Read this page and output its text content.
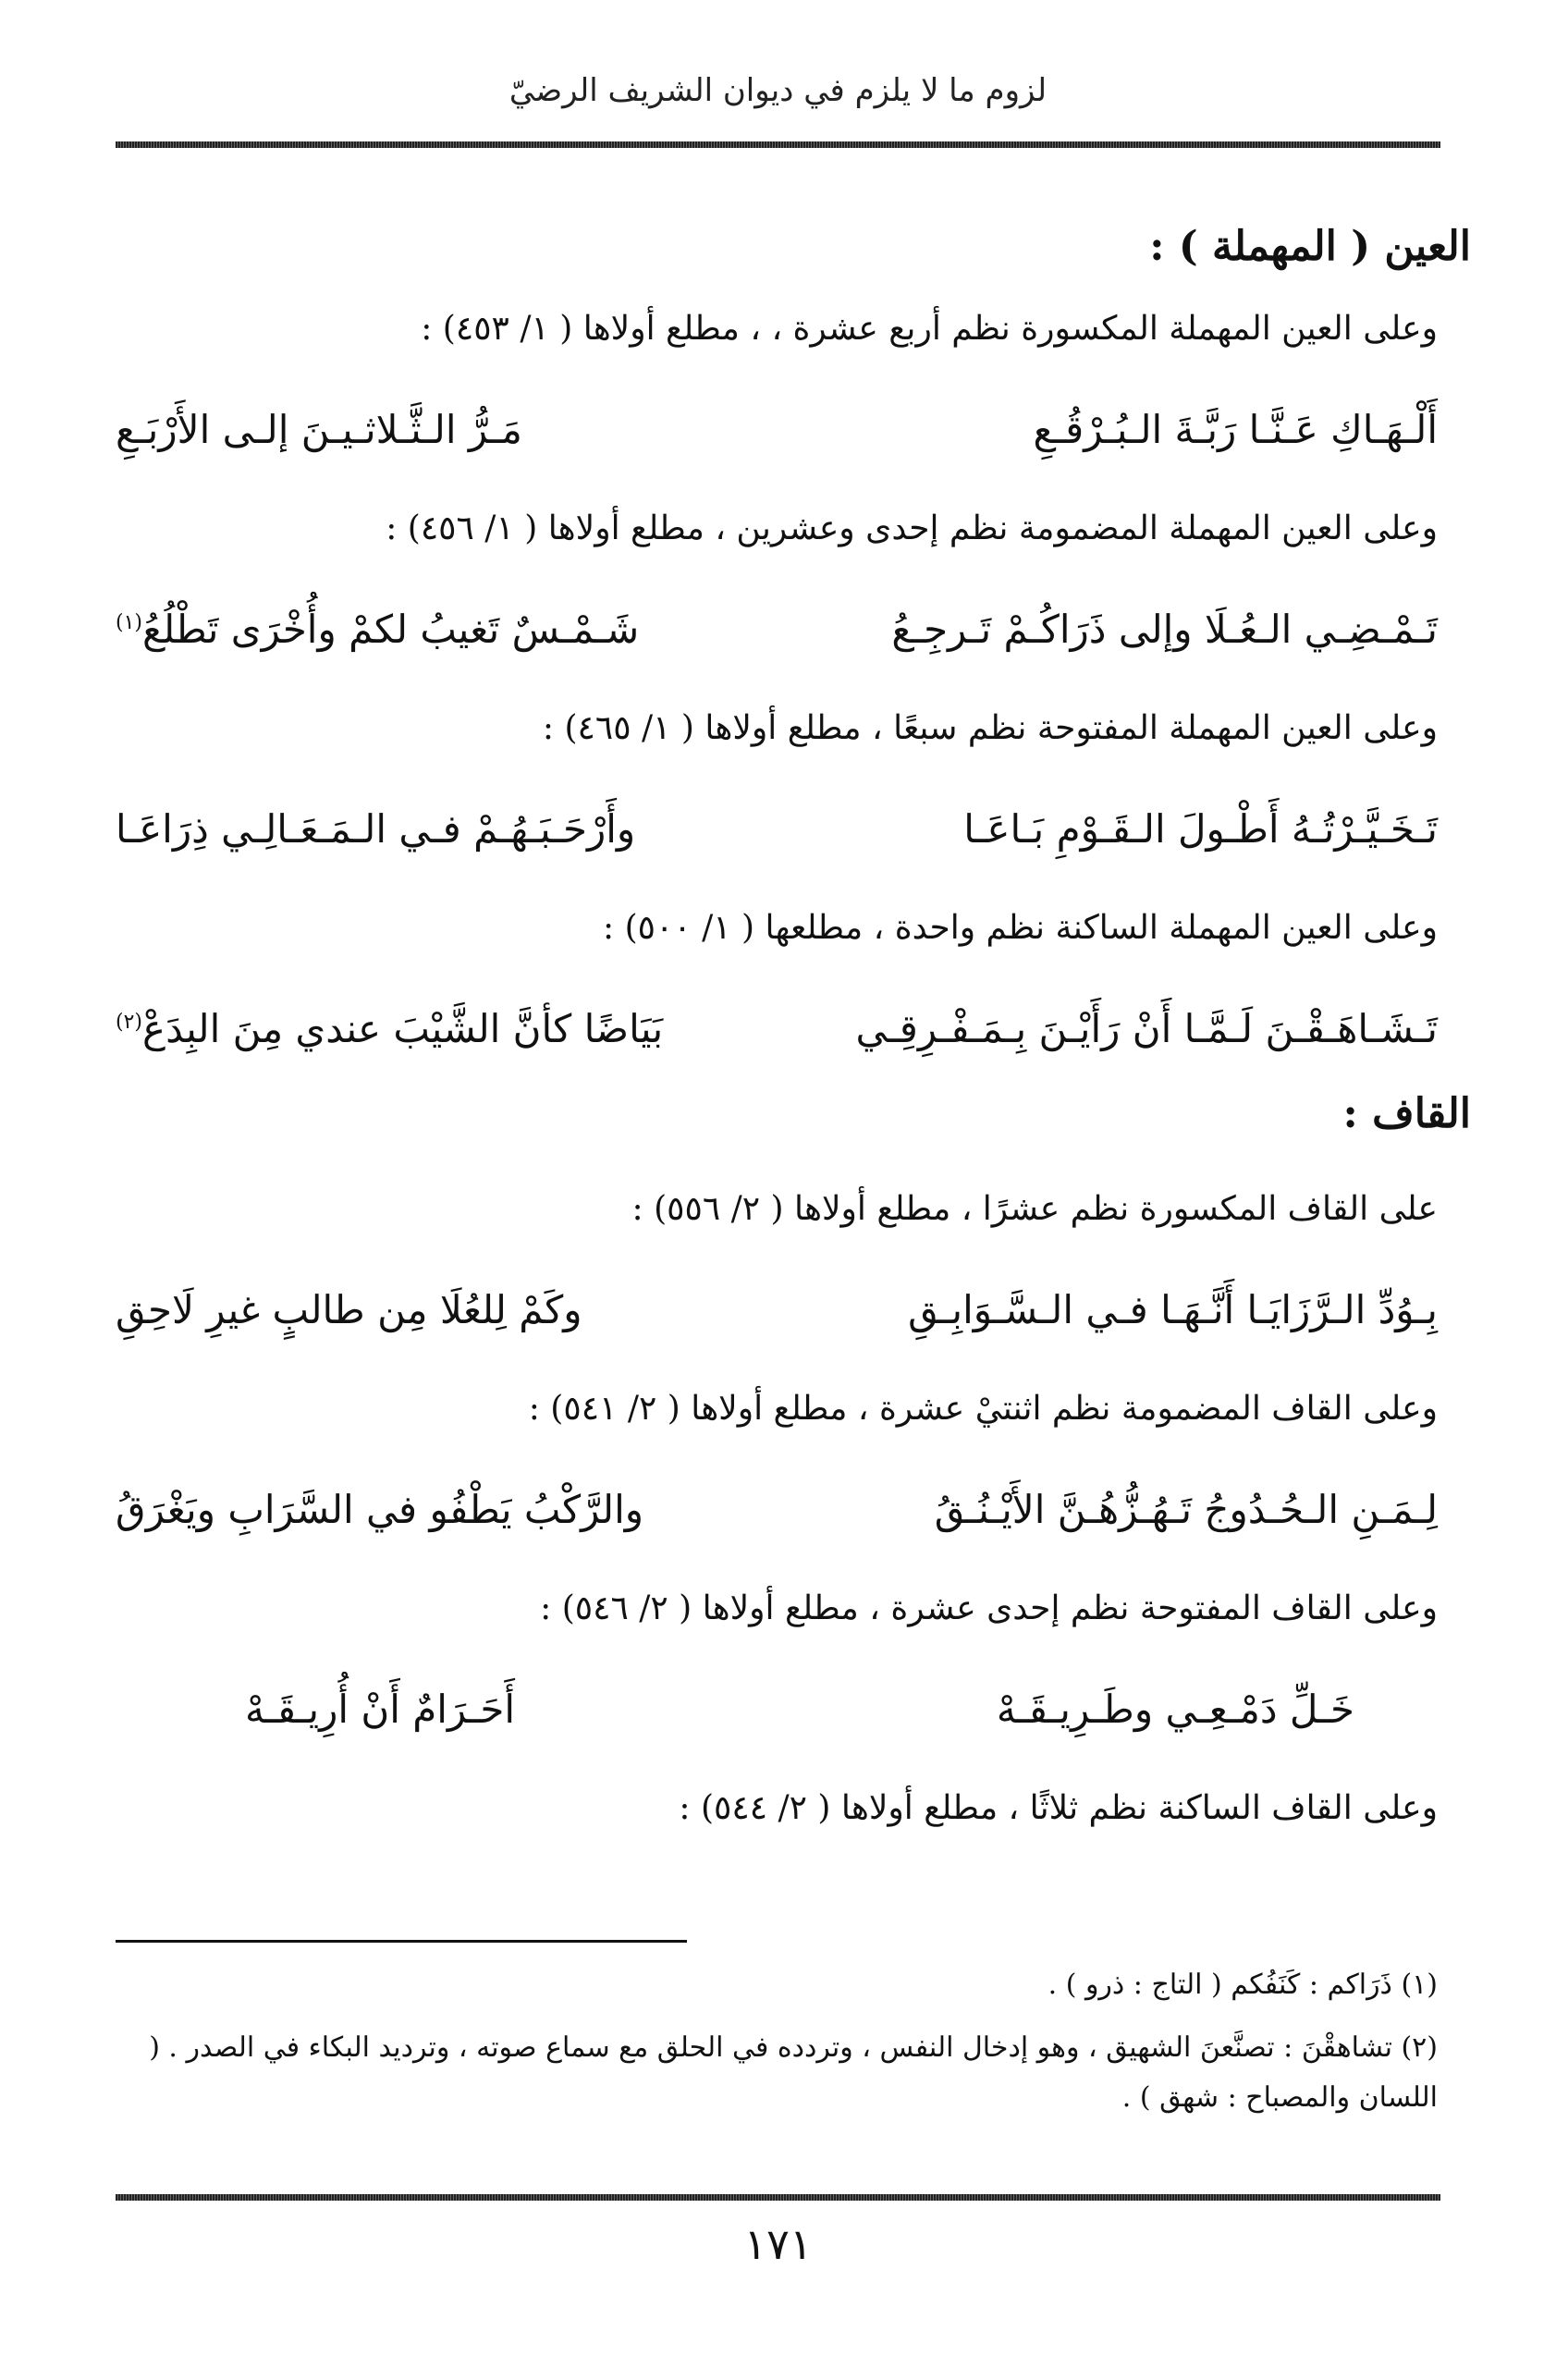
لزوم ما لا يلزم في ديوان الشريف الرضيّ
العين ( المهملة ) :
وعلى العين المهملة المكسورة نظم أربع عشرة ، ، مطلع أولاها ( ١/ ٤٥٣) :
أَلْـهَـاكِ عَـنَّـا رَبَّـةَ الـبُـرْقُـعِ
مَـرُّ الـثَّـلاثـيـنَ إلـى الأَرْبَـعِ
وعلى العين المهملة المضمومة نظم إحدى وعشرين ، مطلع أولاها ( ١/ ٤٥٦) :
تَـمْـضِـي الـعُـلَا وإلى ذَرَاكُـمْ تَـرجِـعُ
شَـمْـسٌ تَغيبُ لكمْ وأُخْرَى تَطْلُعُ$^{(١)}$
وعلى العين المهملة المفتوحة نظم سبعًا ، مطلع أولاها ( ١/ ٤٦٥) :
تَـخَـيَّـرْتُـهُ أَطْـولَ الـقَـوْمِ بَـاعَـا
وأَرْحَـبَـهُـمْ فـي الـمَـعَـالِـي ذِرَاعَـا
وعلى العين المهملة الساكنة نظم واحدة ، مطلعها ( ١/ ٥٠٠) :
تَـشَـاهَـقْـنَ لَـمَّـا أَنْ رَأَيْـنَ بِـمَـفْـرِقِـي
بَيَاضًا كأنَّ الشَّيْبَ عندي مِنَ البِدَعْ$^{(٢)}$
القاف :
على القاف المكسورة نظم عشرًا ، مطلع أولاها ( ٢/ ٥٥٦) :
بِـوُدِّ الـرَّزَايَـا أَنَّـهَـا فـي الـسَّـوَابِـقِ
وكَمْ لِلعُلَا مِن طالبٍ غيرِ لَاحِقِ
وعلى القاف المضمومة نظم اثنتيْ عشرة ، مطلع أولاها ( ٢/ ٥٤١) :
لِـمَـنِ الـحُـدُوجُ تَـهُـزُّهُـنَّ الأَيْـنُـقُ
والرَّكْبُ يَطْفُو في السَّرَابِ ويَغْرَقُ
وعلى القاف المفتوحة نظم إحدى عشرة ، مطلع أولاها ( ٢/ ٥٤٦) :
خَـلِّ دَمْـعِـي وطَـرِيـقَـهْ
أَحَـرَامٌ أَنْ أُرِيـقَـهْ
وعلى القاف الساكنة نظم ثلاثًا ، مطلع أولاها ( ٢/ ٥٤٤) :
(١) ذَرَاكم : كَنَفُكم ( التاج : ذرو ) .
(٢) تشاهقْنَ : تصنَّعنَ الشهيق ، وهو إدخال النفس ، وتردده في الحلق مع سماع صوته ، وترديد البكاء في الصدر . ( اللسان والمصباح : شهق ) .
١٧١
